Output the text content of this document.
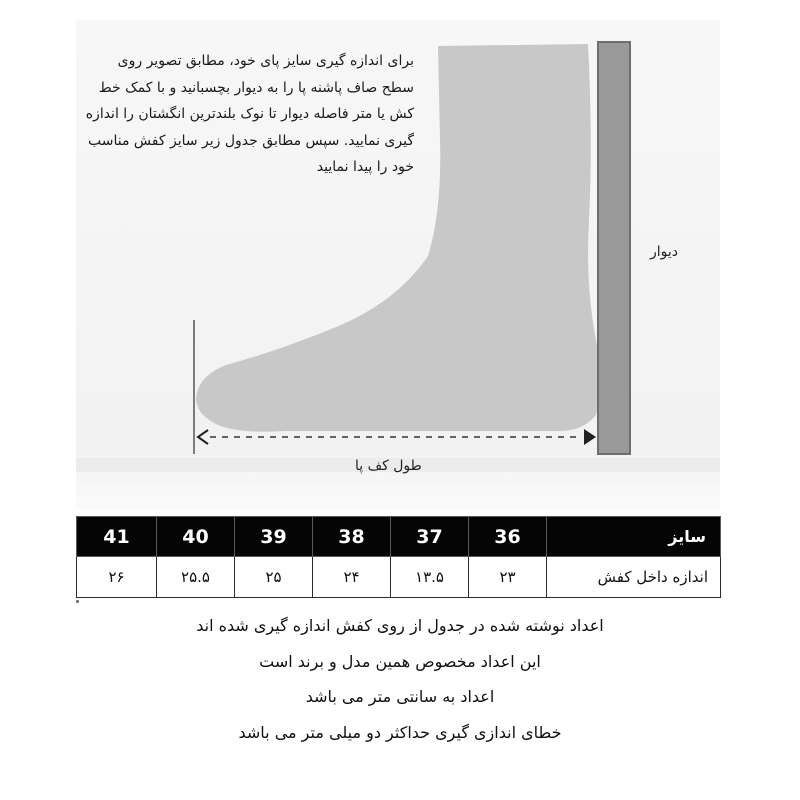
برای اندازه گیری سایز پای خود، مطابق تصویر روی سطح صاف پاشنه پا را به دیوار بچسبانید و با کمک خط کش یا متر فاصله دیوار تا نوک بلندترین انگشتان را اندازه گیری نمایید. سپس مطابق جدول زیر سایز کفش مناسب خود را پیدا نمایید

دیوار
طول کف پا
سایز	36	37	38	39	40	41
اندازه داخل کفش	۲۳	۱۳.۵	۲۴	۲۵	۲۵.۵	۲۶
اعداد نوشته شده در جدول از روی کفش اندازه گیری شده اند
این اعداد مخصوص همین مدل و برند است
اعداد به سانتی متر می باشد
خطای اندازی گیری حداکثر دو میلی متر می باشد
